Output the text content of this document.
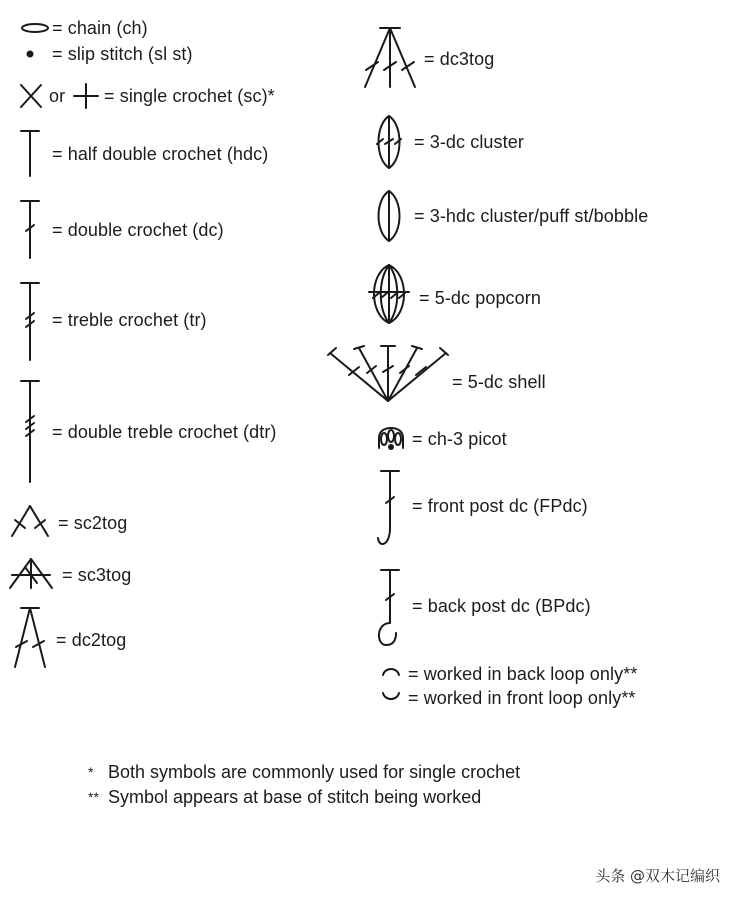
= chain (ch)
= slip stitch (sl st)
or = single crochet (sc)*
= half double crochet (hdc)
= double crochet (dc)
= treble crochet (tr)
= double treble crochet (dtr)
= sc2tog
= sc3tog
= dc2tog
= dc3tog
= 3-dc cluster
= 3-hdc cluster/puff st/bobble
= 5-dc popcorn
= 5-dc shell
= ch-3 picot
= front post dc (FPdc)
= back post dc (BPdc)
= worked in back loop only**
= worked in front loop only**
* Both symbols are commonly used for single crochet
** Symbol appears at base of stitch being worked
头条 @双木记编织
